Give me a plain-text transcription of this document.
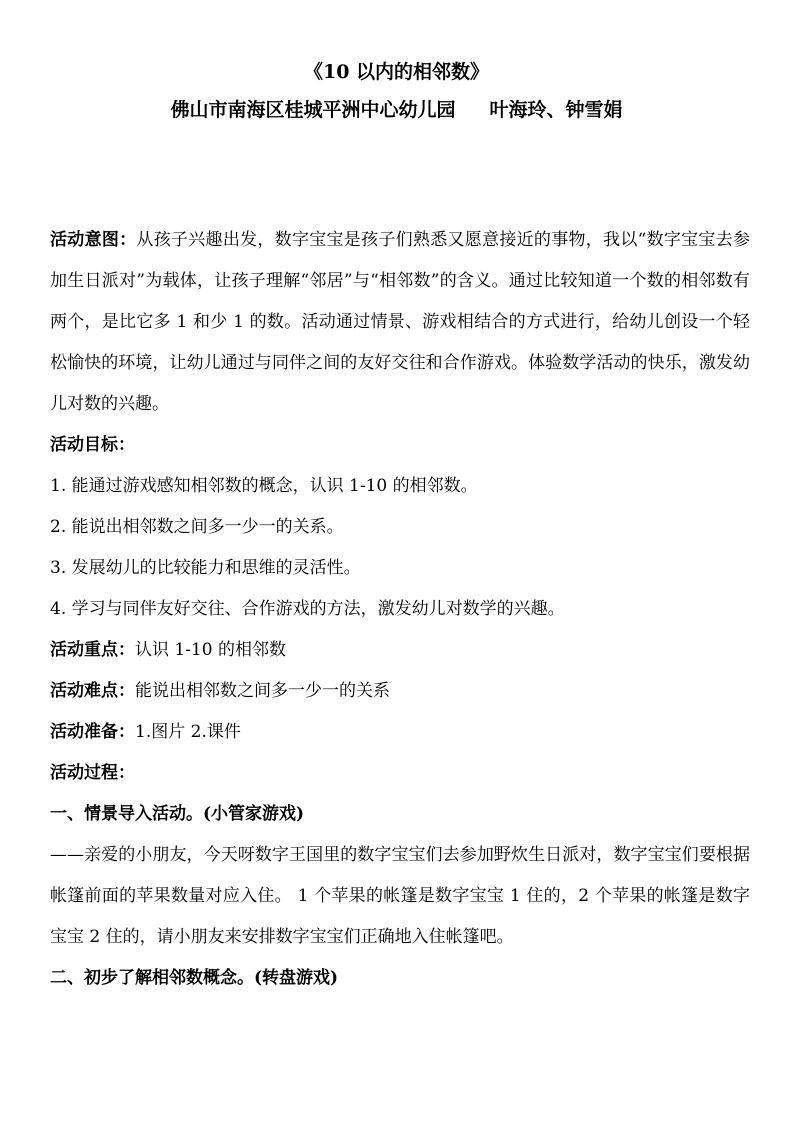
《10 以内的相邻数》
佛山市南海区桂城平洲中心幼儿园 叶海玲、钟雪娟

活动意图：从孩子兴趣出发，数字宝宝是孩子们熟悉又愿意接近的事物，我以“数字宝宝去参加生日派对”为载体，让孩子理解“邻居”与“相邻数”的含义。通过比较知道一个数的相邻数有两个，是比它多 1 和少 1 的数。活动通过情景、游戏相结合的方式进行，给幼儿创设一个轻松愉快的环境，让幼儿通过与同伴之间的友好交往和合作游戏。体验数学活动的快乐，激发幼儿对数的兴趣。

活动目标：

1. 能通过游戏感知相邻数的概念，认识 1-10 的相邻数。

2. 能说出相邻数之间多一少一的关系。

3. 发展幼儿的比较能力和思维的灵活性。

4. 学习与同伴友好交往、合作游戏的方法，激发幼儿对数学的兴趣。

活动重点：认识 1-10 的相邻数

活动难点：能说出相邻数之间多一少一的关系

活动准备：1.图片 2.课件

活动过程：

一、情景导入活动。(小管家游戏)

——亲爱的小朋友，今天呀数字王国里的数字宝宝们去参加野炊生日派对，数字宝宝们要根据帐篷前面的苹果数量对应入住。 1 个苹果的帐篷是数字宝宝 1 住的，2 个苹果的帐篷是数字宝宝 2 住的，请小朋友来安排数字宝宝们正确地入住帐篷吧。

二、初步了解相邻数概念。(转盘游戏)
